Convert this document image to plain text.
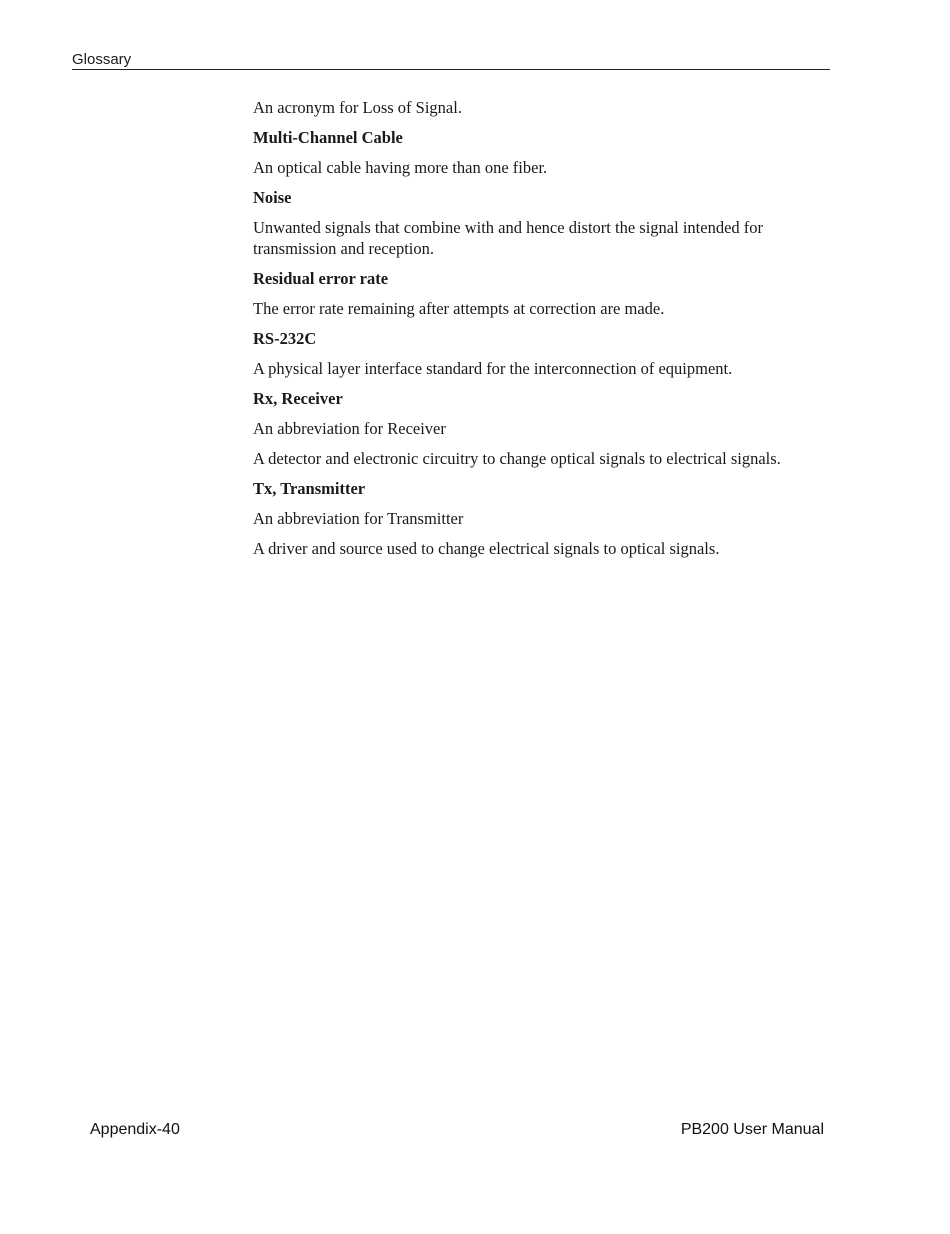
Glossary

An acronym for Loss of Signal.

Multi-Channel Cable

An optical cable having more than one fiber.

Noise

Unwanted signals that combine with and hence distort the signal intended for transmission and reception.

Residual error rate

The error rate remaining after attempts at correction are made.

RS-232C

A physical layer interface standard for the interconnection of equipment.

Rx, Receiver

An abbreviation for Receiver

A detector and electronic circuitry to change optical signals to electrical signals.

Tx, Transmitter

An abbreviation for Transmitter

A driver and source used to change electrical signals to optical signals.

Appendix-40	PB200 User Manual
